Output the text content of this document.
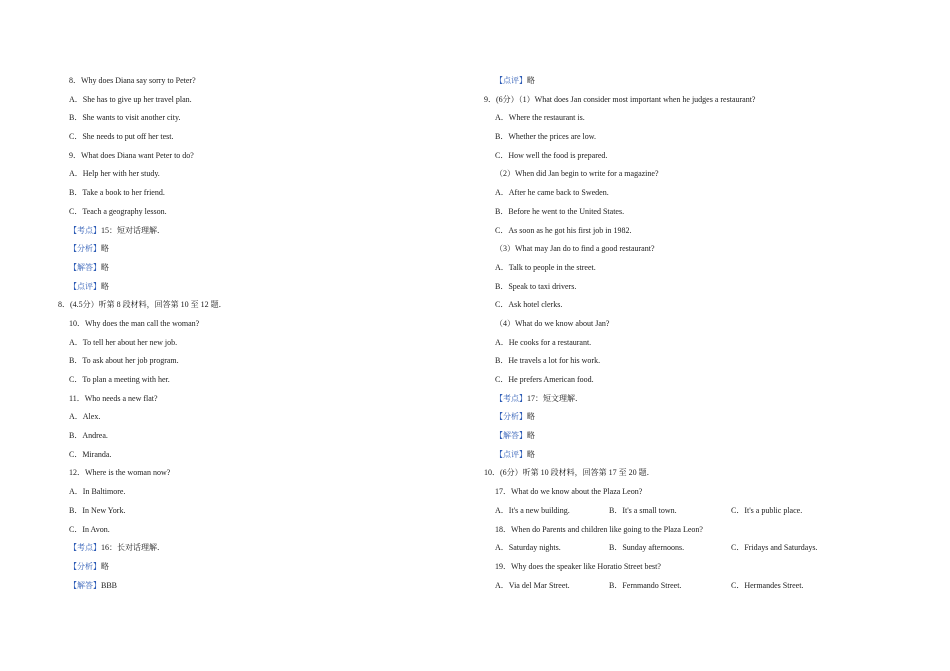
8．Why does Diana say sorry to Peter?
A．She has to give up her travel plan.
B．She wants to visit another city.
C．She needs to put off her test.
9．What does Diana want Peter to do?
A．Help her with her study.
B．Take a book to her friend.
C．Teach a geography lesson.
【考点】15：短对话理解．
【分析】略
【解答】略
【点评】略
8．(4.5分）听第 8 段材料，回答第 10 至 12 题．
10．Why does the man call the woman?
A．To tell her about her new job.
B．To ask about her job program.
C．To plan a meeting with her.
11．Who needs a new flat?
A．Alex.
B．Andrea.
C．Miranda.
12．Where is the woman now?
A．In Baltimore.
B．In New York.
C．In Avon.
【考点】16：长对话理解．
【分析】略
【解答】BBB
【点评】略
9．(6分）（1）What does Jan consider most important when he judges a restaurant?
A．Where the restaurant is.
B．Whether the prices are low.
C．How well the food is prepared.
（2）When did Jan begin to write for a magazine?
A．After he came back to Sweden.
B．Before he went to the United States.
C．As soon as he got his first job in 1982.
（3）What may Jan do to find a good restaurant?
A．Talk to people in the street.
B．Speak to taxi drivers.
C．Ask hotel clerks.
（4）What do we know about Jan?
A．He cooks for a restaurant.
B．He travels a lot for his work.
C．He prefers American food.
【考点】17：短文理解．
【分析】略
【解答】略
【点评】略
10．(6分）听第 10 段材料，回答第 17 至 20 题．
17．What do we know about the Plaza Leon?
A．It's a new building.	B．It's a small town.	C．It's a public place.
18．When do Parents and children like going to the Plaza Leon?
A．Saturday nights.	B．Sunday afternoons.	C．Fridays and Saturdays.
19．Why does the speaker like Horatio Street best?
A．Via del Mar Street.	B．Fernmando Street.	C．Hermandes Street.
